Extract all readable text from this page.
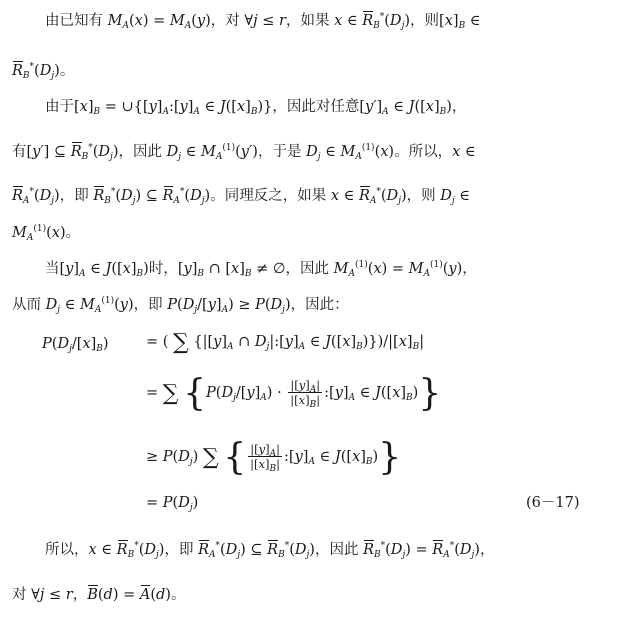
由已知有 $M_A(x) = M_A(y)$，对 ∀j ≤ r，如果 x ∈ $R_B^*(D_j)$，则$[x]_B$ ∈
$R_B^*(D_j)$。
由于$[x]_B$ = $\cup\{[y]_A:[y]_A$ ∈ $J([x]_B)$}，因此对任意$[y']_A$ ∈ $J([x]_B)$，
有[y′] ⊆ $R_B^*(D_j)$，因此 $D_j$ ∈ $M_A^{(1)}(y')$，于是 $D_j$ ∈ $M_A^{(1)}(x)$。所以，x ∈
$R_A^*(D_j)$，即 $R_B^*(D_j)$ ⊆ $R_A^*(D_j)$。同理反之，如果 x ∈ $R_A^*(D_j)$，则 $D_j$ ∈
$M_A^{(1)}(x)$。
当$[y]_A$ ∈ $J([x]_B)$时，$[y]_B$ ∩ $[x]_B$ ≠ ∅，因此 $M_A^{(1)}(x) = M_A^{(1)}(y)$，
从而 $D_j$ ∈ $M_A^{(1)}(y)$，即 $P(D_j/[y]_A) \ge P(D_j)$，因此：
$P(D_j/[x]_B)$	= ( ∑ {$|[y]_A$ ∩ $D_j|:[y]_A$ ∈ $J([x]_B)\})/|[x]_B|$
= ∑ {$P(D_j/[y]_A) \cdot \frac{|[y]_A|}{|[x]_B|}$ $:[y]_A$ ∈ $J([x]_B)$}
≥ $P(D_j)$ ∑ { $\frac{|[y]_A|}{|[x]_B|}$ $:[y]_A$ ∈ $J([x]_B)$}
= $P(D_j)$	(6－17)
所以，x ∈ $R_B^*(D_j)$，即 $R_A^*(D_j)$ ⊆ $R_B^*(D_j)$，因此 $R_B^*(D_j) = R_A^*(D_j)$，
对 ∀j ≤ r，B(d) = A(d)。
